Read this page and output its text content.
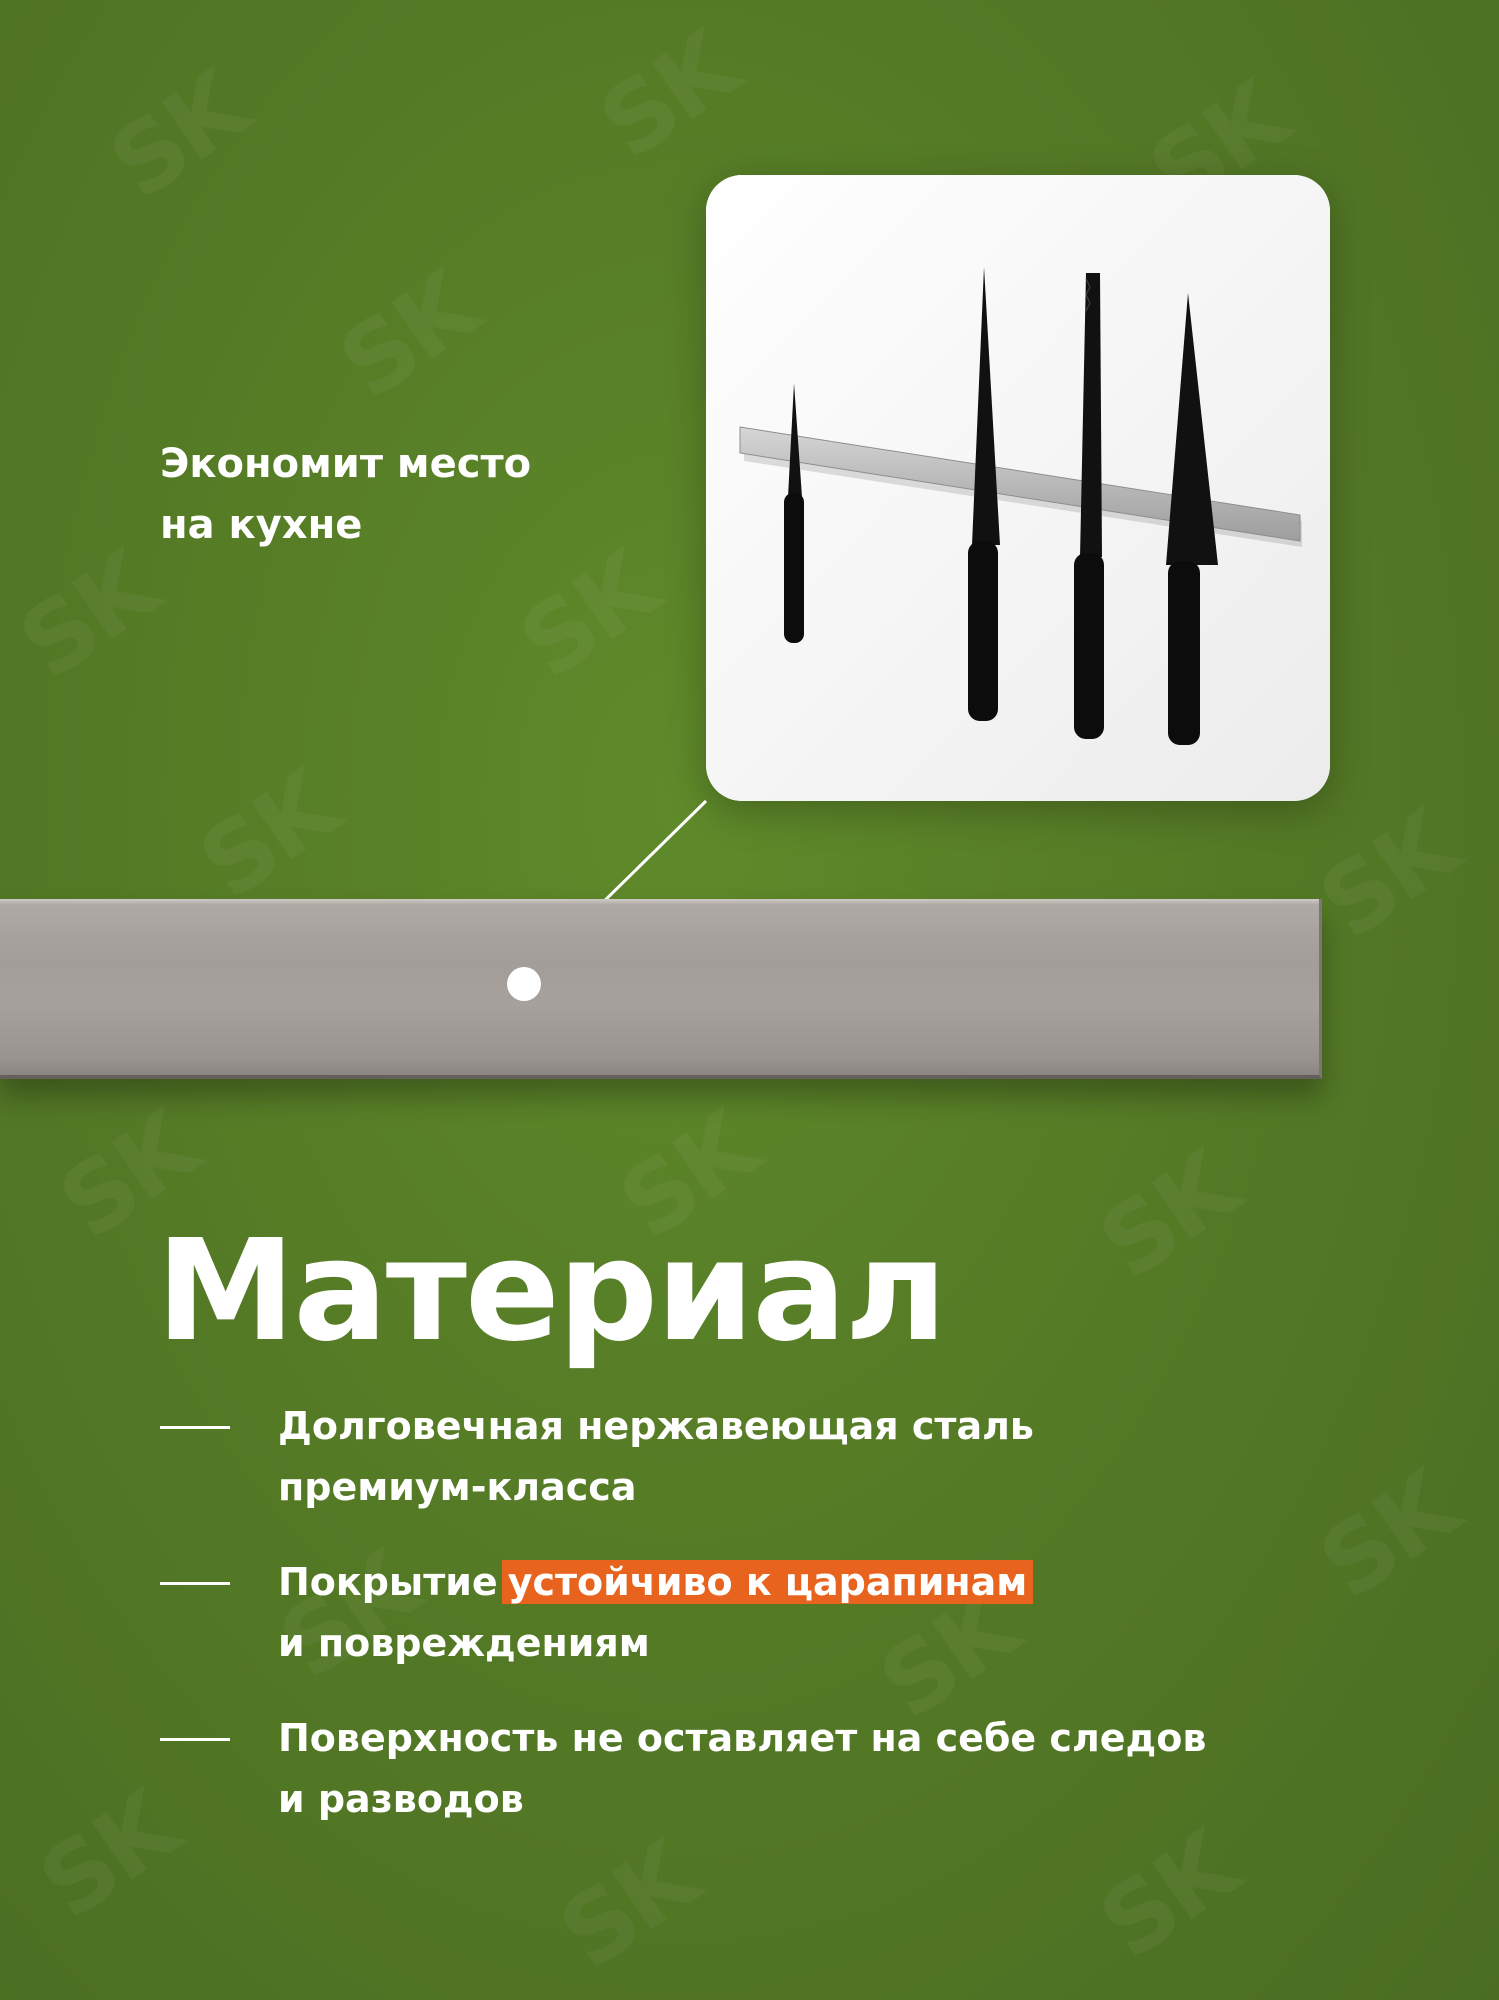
Экономит место
на кухне
Материал
Долговечная нержавеющая сталь
премиум-класса
Покрытие устойчиво к царапинам
и повреждениям
Поверхность не оставляет на себе следов
и разводов
